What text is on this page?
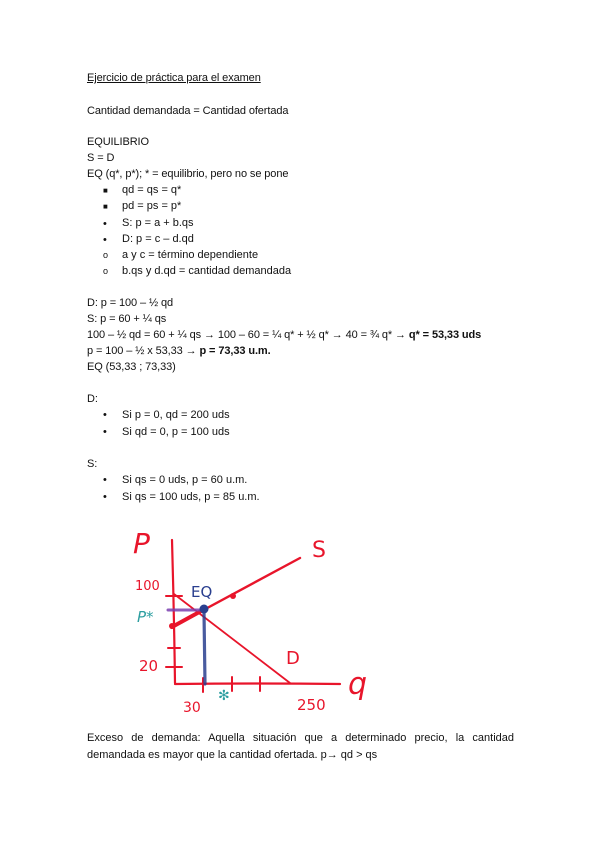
Ejercicio de práctica para el examen
Cantidad demandada = Cantidad ofertada
EQUILIBRIO
S = D
EQ (q*, p*); * = equilibrio, pero no se pone
■ qd = qs = q*
■ pd = ps = p*
• S: p = a + b.qs
• D: p = c – d.qd
o a y c = término dependiente
o b.qs y d.qd = cantidad demandada
D: p = 100 – ½ qd
S: p = 60 + ¼ qs
100 – ½ qd = 60 + ¼ qs → 100 – 60 = ¼ q* + ½ q* → 40 = ¾ q* → q* = 53,33 uds
p = 100 – ½ x 53,33 → p = 73,33 u.m.
EQ (53,33 ; 73,33)
D:
• Si p = 0, qd = 200 uds
• Si qd = 0, p = 100 uds
S:
• Si qs = 0 uds, p = 60 u.m.
• Si qs = 100 uds, p = 85 u.m.
P
q
S
D
EQ
P*
100
20
30	250
✻
Exceso de demanda: Aquella situación que a determinado precio, la cantidad demandada es mayor que la cantidad ofertada. p→ qd > qs
